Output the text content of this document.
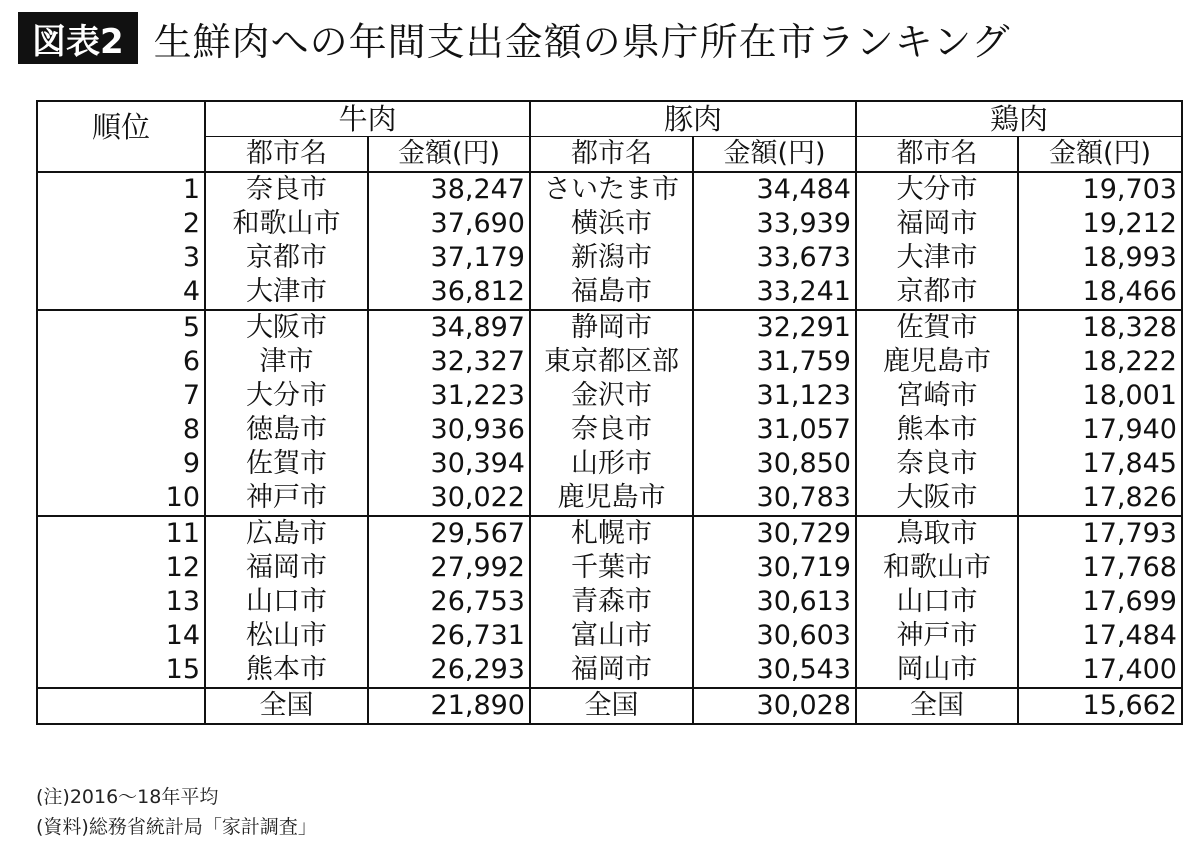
図表2 生鮮肉への年間支出金額の県庁所在市ランキング
順位	牛肉		豚肉		鶏肉	
	都市名	金額(円)	都市名	金額(円)	都市名	金額(円)
1	奈良市	38,247	さいたま市	34,484	大分市	19,703
2	和歌山市	37,690	横浜市	33,939	福岡市	19,212
3	京都市	37,179	新潟市	33,673	大津市	18,993
4	大津市	36,812	福島市	33,241	京都市	18,466
5	大阪市	34,897	静岡市	32,291	佐賀市	18,328
6	津市	32,327	東京都区部	31,759	鹿児島市	18,222
7	大分市	31,223	金沢市	31,123	宮崎市	18,001
8	徳島市	30,936	奈良市	31,057	熊本市	17,940
9	佐賀市	30,394	山形市	30,850	奈良市	17,845
10	神戸市	30,022	鹿児島市	30,783	大阪市	17,826
11	広島市	29,567	札幌市	30,729	鳥取市	17,793
12	福岡市	27,992	千葉市	30,719	和歌山市	17,768
13	山口市	26,753	青森市	30,613	山口市	17,699
14	松山市	26,731	富山市	30,603	神戸市	17,484
15	熊本市	26,293	福岡市	30,543	岡山市	17,400
	全国	21,890	全国	30,028	全国	15,662
(注)2016〜18年平均
(資料)総務省統計局「家計調査」
